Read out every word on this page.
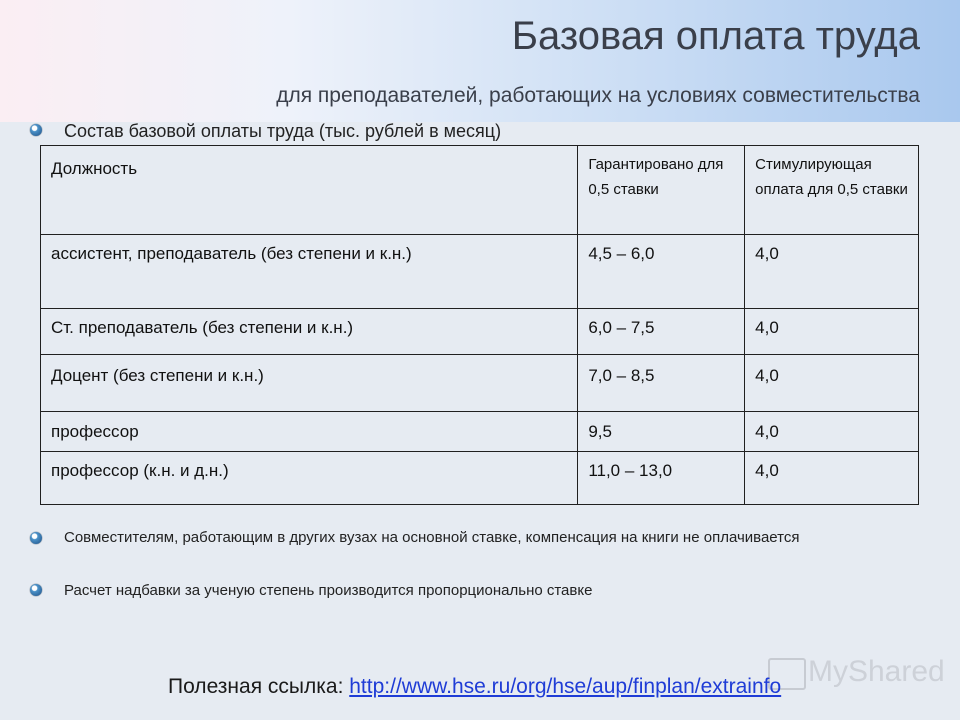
Базовая оплата труда
для преподавателей, работающих на условиях совместительства
Состав базовой оплаты труда (тыс. рублей в месяц)
Должность	Гарантировано для 0,5 ставки	Стимулирующая оплата для 0,5 ставки
ассистент, преподаватель (без степени и к.н.)	4,5 – 6,0	4,0
Ст. преподаватель (без степени и к.н.)	6,0 – 7,5	4,0
Доцент (без степени и к.н.)	7,0 – 8,5	4,0
профессор	9,5	4,0
профессор (к.н. и д.н.)	11,0 – 13,0	4,0
Совместителям, работающим в других вузах на основной ставке, компенсация на книги не оплачивается
Расчет надбавки за ученую степень производится пропорционально ставке
MyShared
Полезная ссылка: http://www.hse.ru/org/hse/aup/finplan/extrainfo
